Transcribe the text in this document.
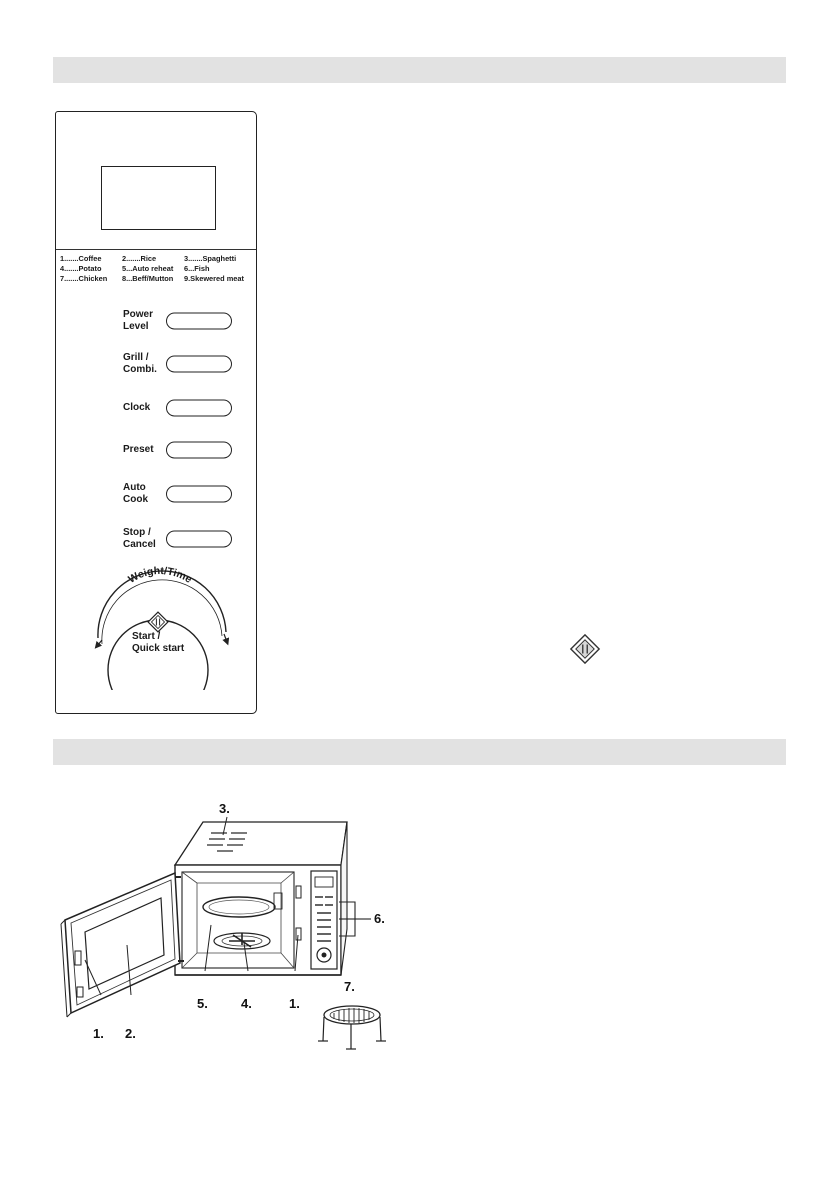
1.......Coffee	2.......Rice	3.......Spaghetti
4.......Potato	5...Auto reheat 6...Fish
7.......Chicken 8...Beff/Mutton 9.Skewered meat
Power
Level
Grill /
Combi.
Clock
Preset
Auto
Cook
Stop /
Cancel
Weight/Time
Start /
Quick start
3.
6.
5.	4.	1.
7.
1. 2.
